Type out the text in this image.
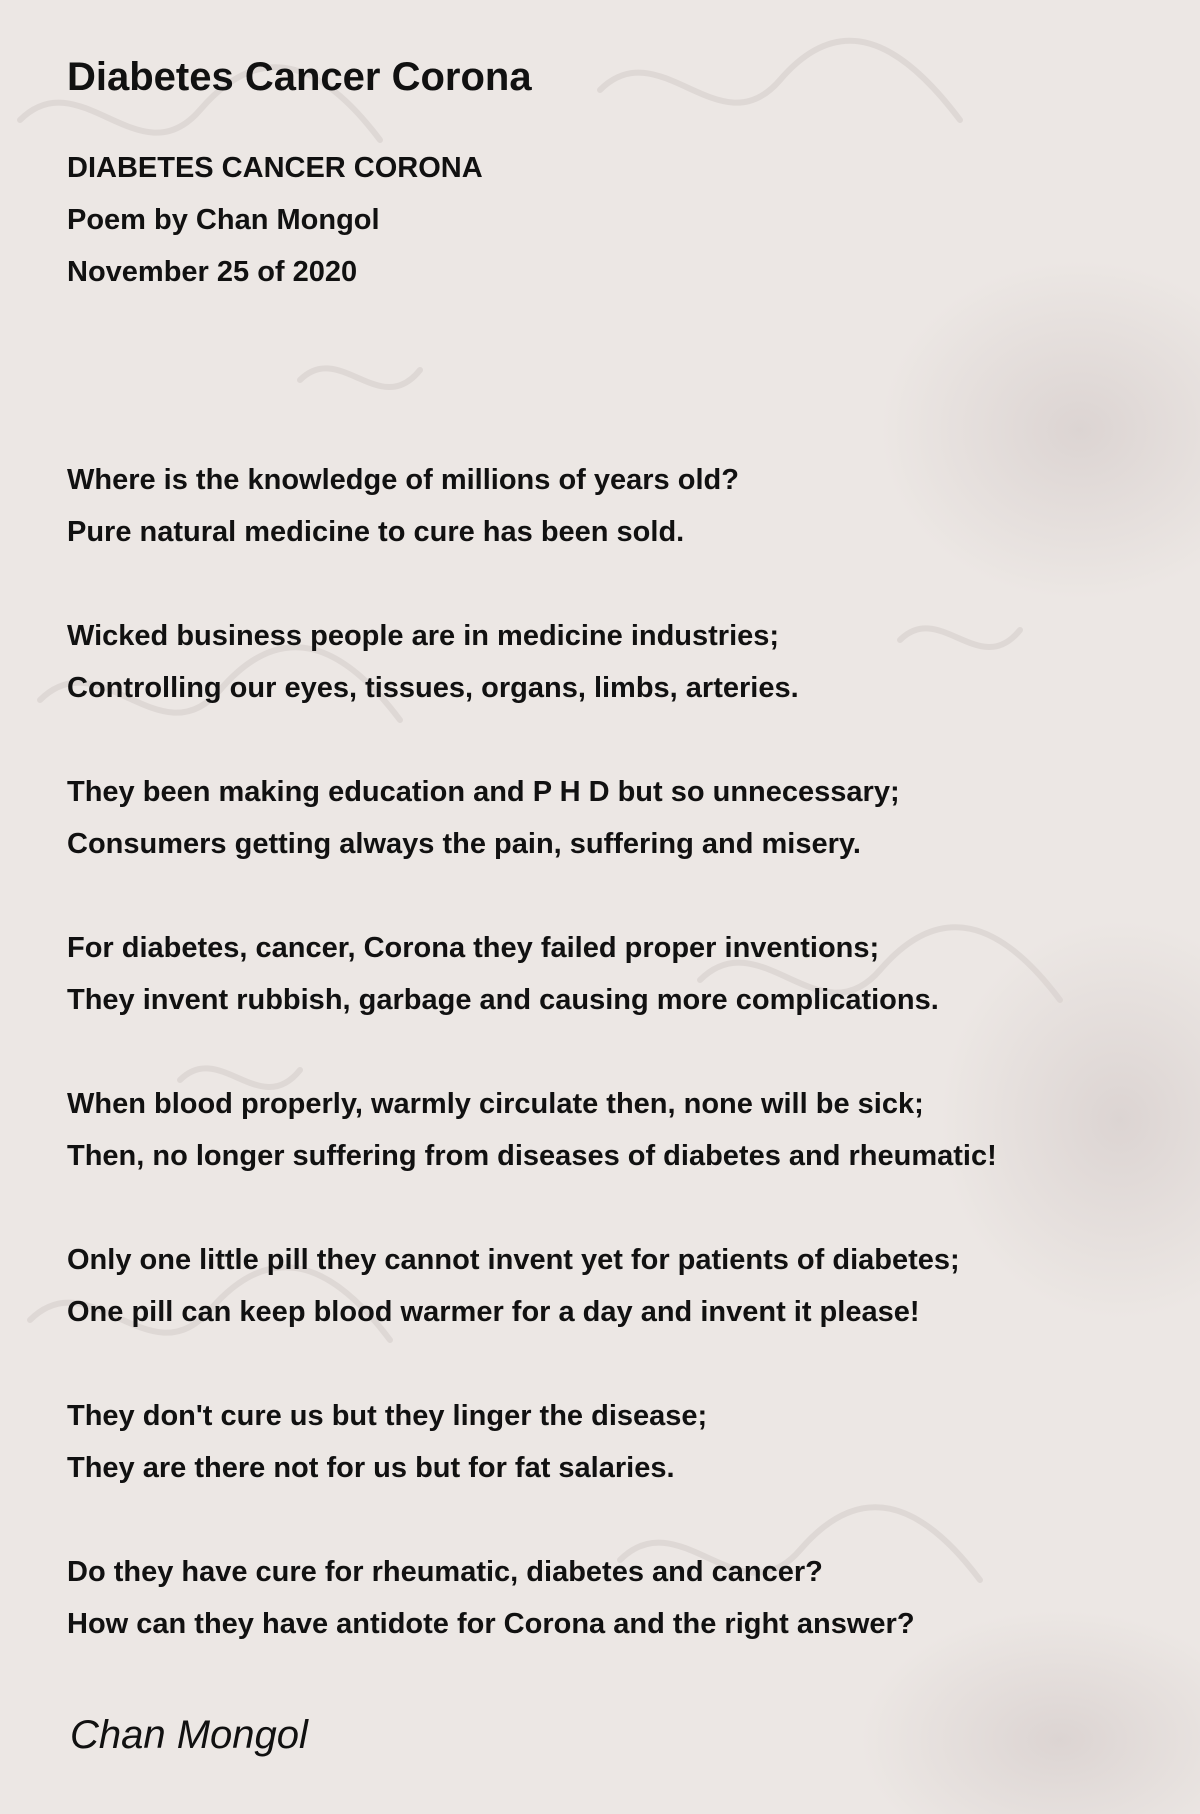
Diabetes Cancer Corona

DIABETES CANCER CORONA

Poem by Chan Mongol

November 25 of 2020

Where is the knowledge of millions of years old?

Pure natural medicine to cure has been sold.

Wicked business people are in medicine industries;

Controlling our eyes, tissues, organs, limbs, arteries.

They been making education and P H D but so unnecessary;

Consumers getting always the pain, suffering and misery.

For diabetes, cancer, Corona they failed proper inventions;

They invent rubbish, garbage and causing more complications.

When blood properly, warmly circulate then, none will be sick;

Then, no longer suffering from diseases of diabetes and rheumatic!

Only one little pill they cannot invent yet for patients of diabetes;

One pill can keep blood warmer for a day and invent it please!

They don't cure us but they linger the disease;

They are there not for us but for fat salaries.

Do they have cure for rheumatic, diabetes and cancer?

How can they have antidote for Corona and the right answer?

Chan Mongol
